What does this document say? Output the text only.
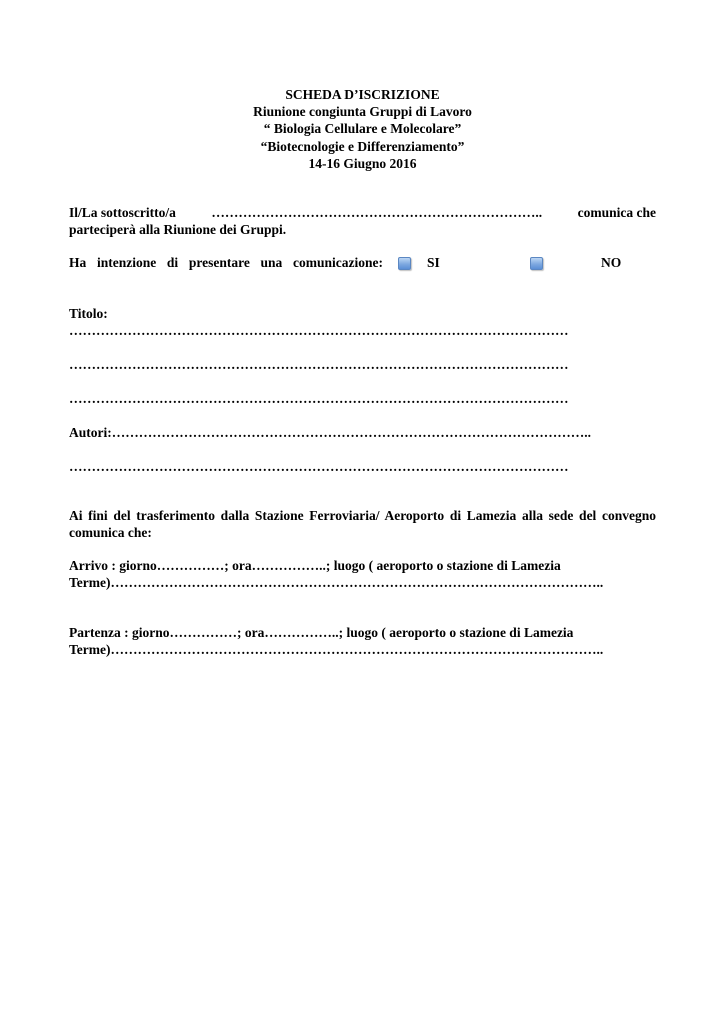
SCHEDA D’ISCRIZIONE
Riunione congiunta Gruppi di Lavoro
“ Biologia Cellulare e Molecolare”
“Biotecnologie e Differenziamento”
14-16 Giugno 2016
Il/La sottoscritto/a	………………………………………………………………..	comunica che
parteciperà alla Riunione dei Gruppi.
Ha intenzione di presentare una comunicazione:	SI	NO
Titolo:
…………………………………………………………………………………………………
…………………………………………………………………………………………………
…………………………………………………………………………………………………
Autori:……………………………………………………………………………………………..
…………………………………………………………………………………………………
Ai fini del trasferimento dalla Stazione Ferroviaria/ Aeroporto di Lamezia alla sede del convegno comunica che:
Arrivo : giorno……………; ora……………..; luogo ( aeroporto o stazione di Lamezia
Terme)………………………………………………………………………………………………..
Partenza : giorno……………; ora……………..; luogo ( aeroporto o stazione di Lamezia
Terme)………………………………………………………………………………………………..
